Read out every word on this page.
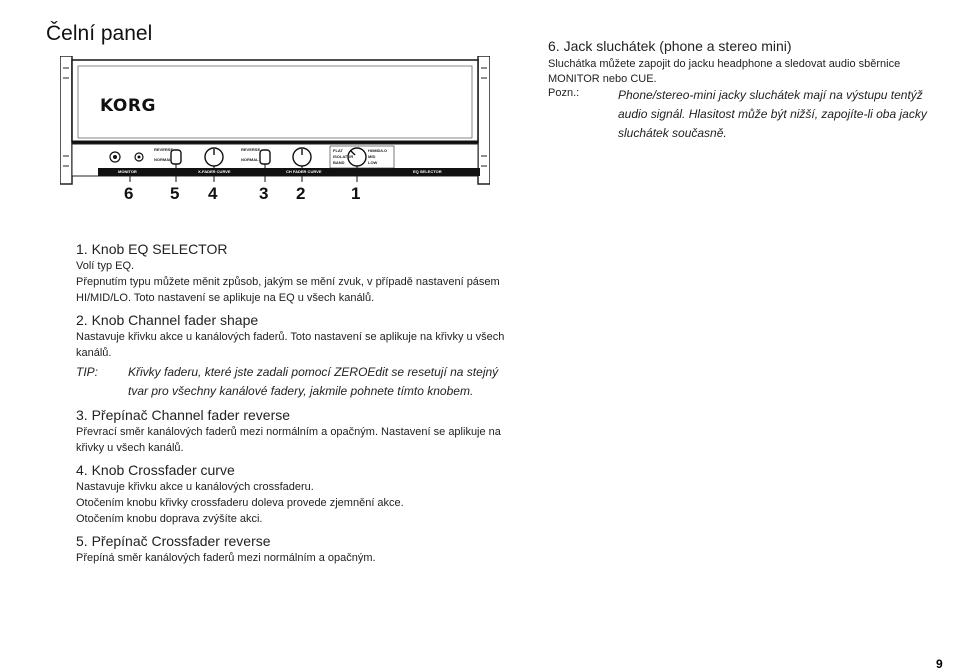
Čelní panel
KORG
REVERSE
NORMAL
REVERSE
NORMAL
MONITOR	X-FADER CURVE	CH FADER CURVE	EQ SELECTOR
FLAT
ISOLATOR
BAND
HI/MID/LO
MID
LOW
6 5 4 3 2	1
6. Jack sluchátek (phone a stereo mini)
Sluchátka můžete zapojit do jacku headphone a sledovat audio sběrnice MONITOR nebo CUE.
Pozn.:	Phone/stereo-mini jacky sluchátek mají na výstupu tentýž audio signál. Hlasitost může být nižší, zapojíte-li oba jacky sluchátek současně.
1. Knob EQ SELECTOR
Volí typ EQ.
Přepnutím typu můžete měnit způsob, jakým se mění zvuk, v případě nastavení pásem HI/MID/LO. Toto nastavení se aplikuje na EQ u všech kanálů.
2. Knob Channel fader shape
Nastavuje křivku akce u kanálových faderů. Toto nastavení se aplikuje na křivky u všech kanálů.
TIP: Křivky faderu, které jste zadali pomocí ZEROEdit se resetují na stejný tvar pro všechny kanálové fadery, jakmile pohnete tímto knobem.
3. Přepínač Channel fader reverse
Převrací směr kanálových faderů mezi normálním a opačným. Nastavení se aplikuje na křivky u všech kanálů.
4. Knob Crossfader curve
Nastavuje křivku akce u kanálových crossfaderu.
Otočením knobu křivky crossfaderu doleva provede zjemnění akce.
Otočením knobu doprava zvýšíte akci.
5. Přepínač Crossfader reverse
Přepíná směr kanálových faderů mezi normálním a opačným.
9
